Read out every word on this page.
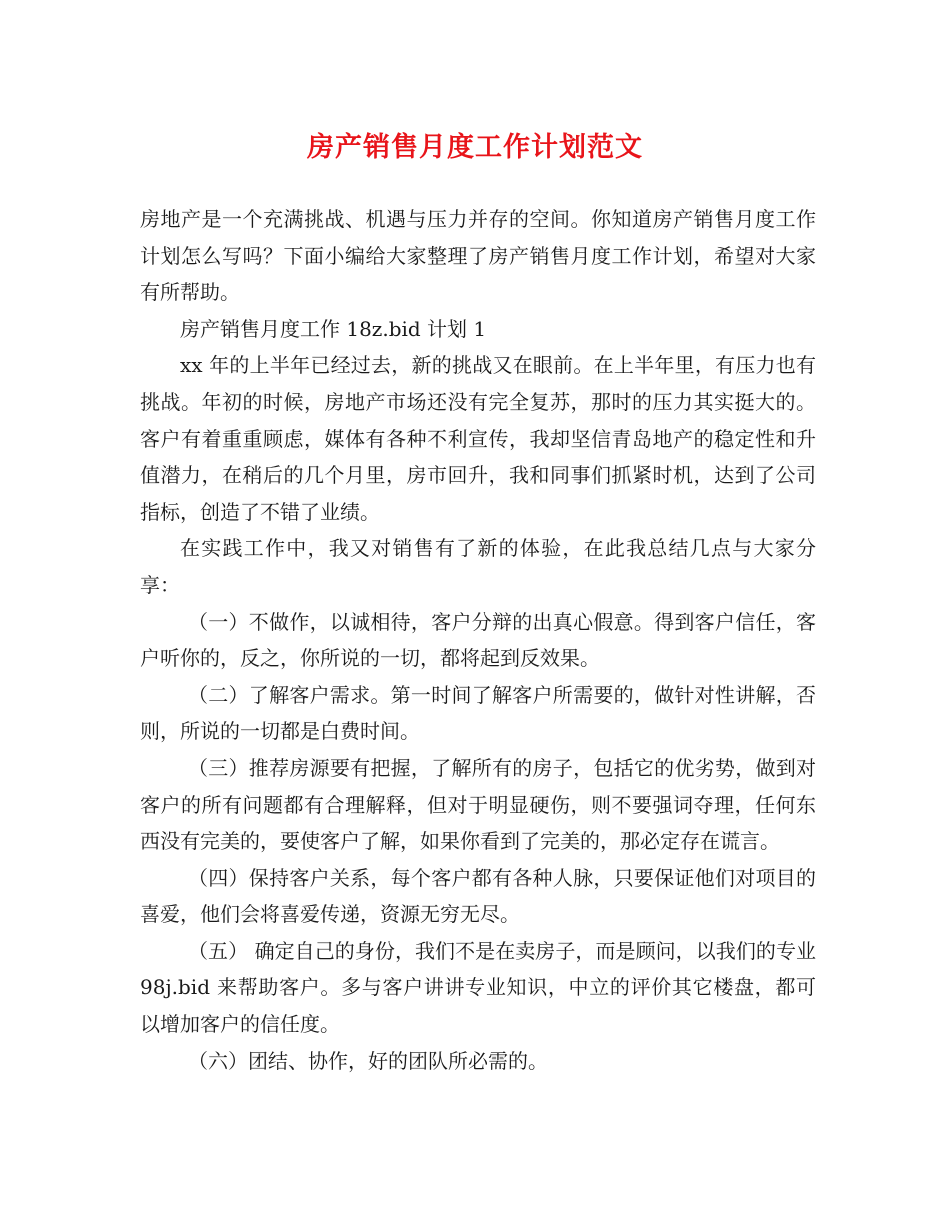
房产销售月度工作计划范文

房地产是一个充满挑战、机遇与压力并存的空间。你知道房产销售月度工作计划怎么写吗？下面小编给大家整理了房产销售月度工作计划，希望对大家有所帮助。

房产销售月度工作 18z.bid 计划 1

xx 年的上半年已经过去，新的挑战又在眼前。在上半年里，有压力也有挑战。年初的时候，房地产市场还没有完全复苏，那时的压力其实挺大的。客户有着重重顾虑，媒体有各种不利宣传，我却坚信青岛地产的稳定性和升值潜力，在稍后的几个月里，房市回升，我和同事们抓紧时机，达到了公司指标，创造了不错了业绩。

在实践工作中，我又对销售有了新的体验，在此我总结几点与大家分享：

（一）不做作，以诚相待，客户分辩的出真心假意。得到客户信任，客户听你的，反之，你所说的一切，都将起到反效果。

（二）了解客户需求。第一时间了解客户所需要的，做针对性讲解，否则，所说的一切都是白费时间。

（三）推荐房源要有把握，了解所有的房子，包括它的优劣势，做到对客户的所有问题都有合理解释，但对于明显硬伤，则不要强词夺理，任何东西没有完美的，要使客户了解，如果你看到了完美的，那必定存在谎言。

（四）保持客户关系，每个客户都有各种人脉，只要保证他们对项目的喜爱，他们会将喜爱传递，资源无穷无尽。

（五） 确定自己的身份，我们不是在卖房子，而是顾问，以我们的专业 98j.bid 来帮助客户。多与客户讲讲专业知识，中立的评价其它楼盘，都可以增加客户的信任度。

（六）团结、协作，好的团队所必需的。
